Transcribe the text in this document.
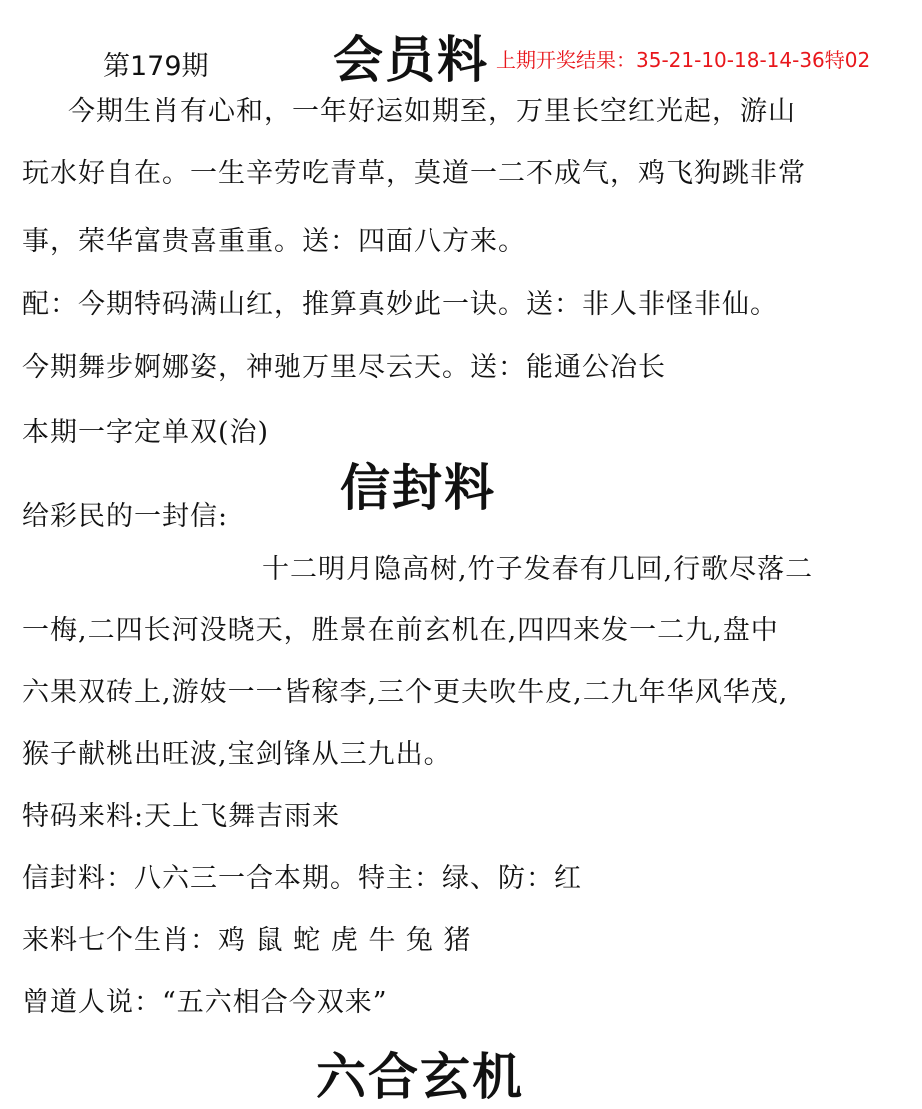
第179期 会员料 上期开奖结果：35-21-10-18-14-36特02
今期生肖有心和，一年好运如期至，万里长空红光起，游山
玩水好自在。一生辛劳吃青草，莫道一二不成气，鸡飞狗跳非常
事，荣华富贵喜重重。送：四面八方来。
配：今期特码满山红，推算真妙此一诀。送：非人非怪非仙。
今期舞步婀娜姿，神驰万里尽云天。送：能通公冶长
本期一字定单双(治)
信封料
给彩民的一封信:
十二明月隐高树,竹子发春有几回,行歌尽落二
一梅,二四长河没晓天，胜景在前玄机在,四四来发一二九,盘中
六果双砖上,游妓一一皆稼李,三个更夫吹牛皮,二九年华风华茂,
猴子献桃出旺波,宝剑锋从三九出。
特码来料:天上飞舞吉雨来
信封料：八六三一合本期。特主：绿、防：红
来料七个生肖：鸡 鼠 蛇 虎 牛 兔 猪
曾道人说：“五六相合今双来”
六合玄机
